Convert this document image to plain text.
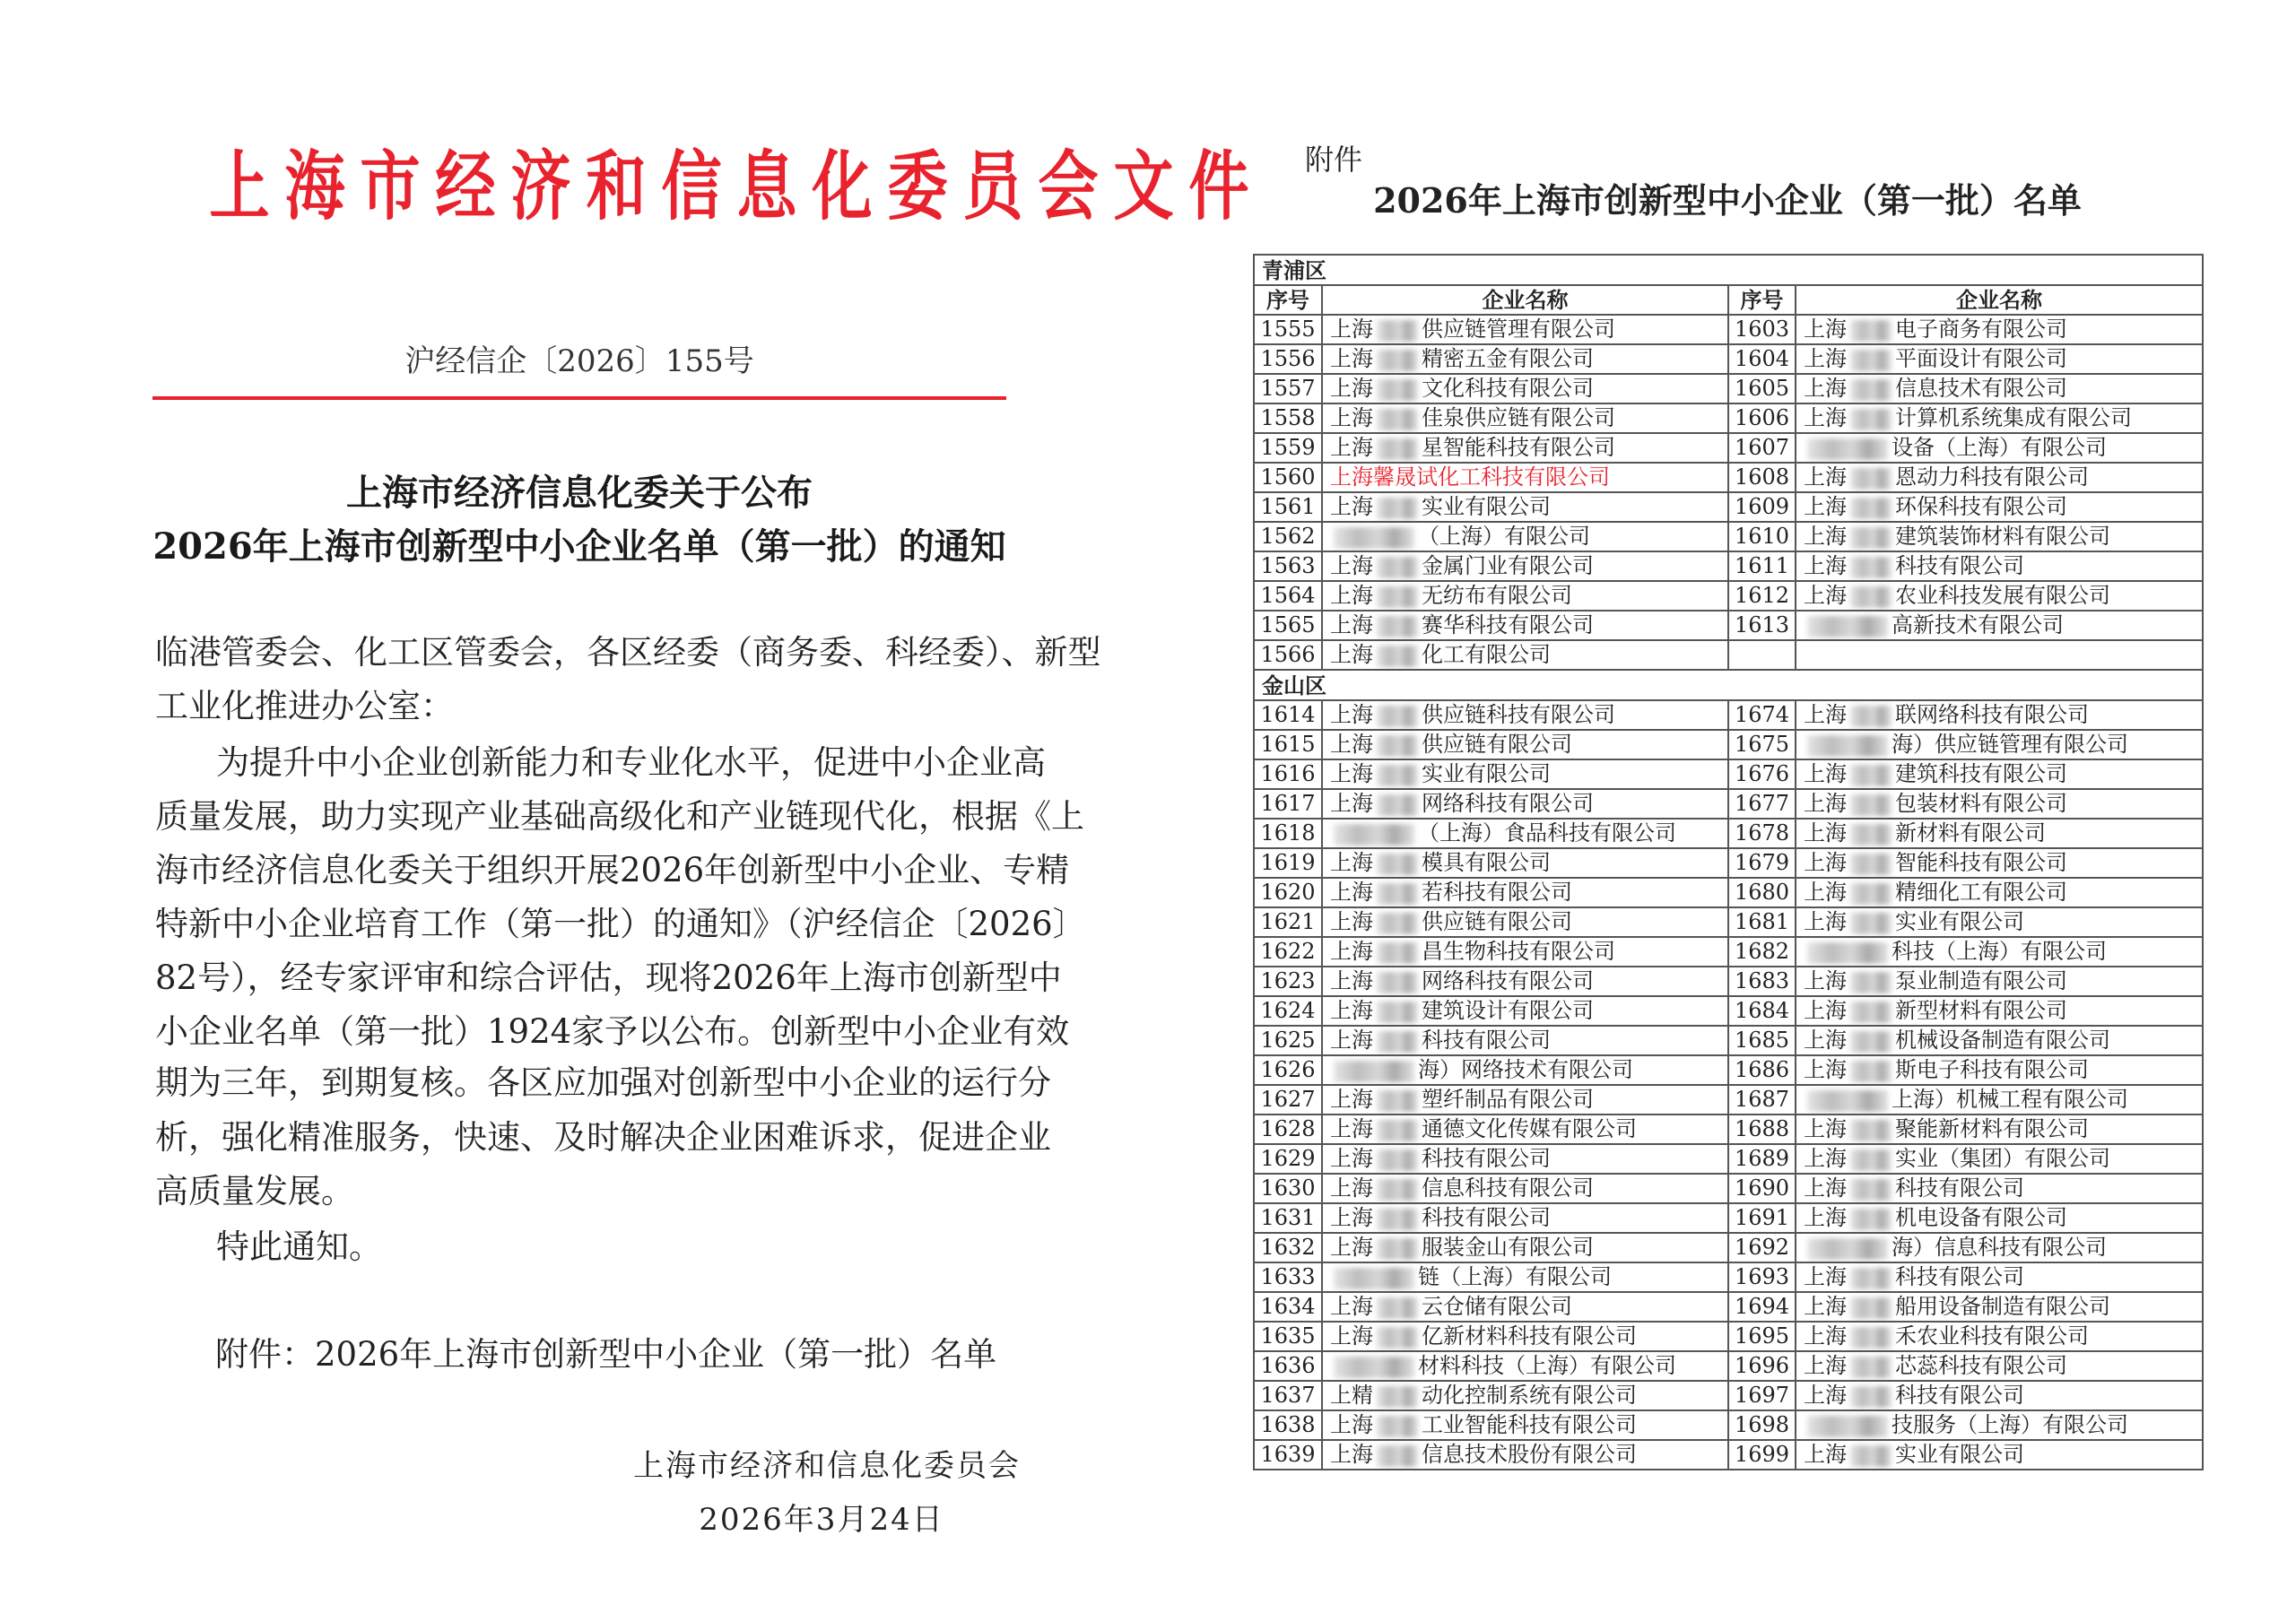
上 海 市 经 济 和 信 息 化 委 员 会 文 件
沪经信企〔2026〕155号
上海市经济信息化委关于公布
2026年上海市创新型中小企业名单（第一批）的通知
临港管委会、化工区管委会，各区经委（商务委、科经委）、新型
工业化推进办公室：
为提升中小企业创新能力和专业化水平，促进中小企业高
质量发展，助力实现产业基础高级化和产业链现代化，根据《上
海市经济信息化委关于组织开展2026年创新型中小企业、专精
特新中小企业培育工作（第一批）的通知》（沪经信企〔2026〕
82号），经专家评审和综合评估，现将2026年上海市创新型中
小企业名单（第一批）1924家予以公布。创新型中小企业有效
期为三年，到期复核。各区应加强对创新型中小企业的运行分
析，强化精准服务，快速、及时解决企业困难诉求，促进企业
高质量发展。
特此通知。
附件：2026年上海市创新型中小企业（第一批）名单
上海市经济和信息化委员会
2026年3月24日
附件
2026年上海市创新型中小企业（第一批）名单
青浦区			
序号	企业名称	序号	企业名称
1555	上海 供应链管理有限公司	1603	上海 电子商务有限公司
1556	上海 精密五金有限公司	1604	上海 平面设计有限公司
1557	上海 文化科技有限公司	1605	上海 信息技术有限公司
1558	上海 佳泉供应链有限公司	1606	上海 计算机系统集成有限公司
1559	上海 星智能科技有限公司	1607	设备（上海）有限公司
1560	上海馨晟试化工科技有限公司	1608	上海 恩动力科技有限公司
1561	上海 实业有限公司	1609	上海 环保科技有限公司
1562	（上海）有限公司	1610	上海 建筑装饰材料有限公司
1563	上海 金属门业有限公司	1611	上海 科技有限公司
1564	上海 无纺布有限公司	1612	上海 农业科技发展有限公司
1565	上海 赛华科技有限公司	1613	高新技术有限公司
1566	上海 化工有限公司		
金山区			
1614	上海 供应链科技有限公司	1674	上海 联网络科技有限公司
1615	上海 供应链有限公司	1675	海）供应链管理有限公司
1616	上海 实业有限公司	1676	上海 建筑科技有限公司
1617	上海 网络科技有限公司	1677	上海 包装材料有限公司
1618	（上海）食品科技有限公司	1678	上海 新材料有限公司
1619	上海 模具有限公司	1679	上海 智能科技有限公司
1620	上海 若科技有限公司	1680	上海 精细化工有限公司
1621	上海 供应链有限公司	1681	上海 实业有限公司
1622	上海 昌生物科技有限公司	1682	科技（上海）有限公司
1623	上海 网络科技有限公司	1683	上海 泵业制造有限公司
1624	上海 建筑设计有限公司	1684	上海 新型材料有限公司
1625	上海 科技有限公司	1685	上海 机械设备制造有限公司
1626	海）网络技术有限公司	1686	上海 斯电子科技有限公司
1627	上海 塑纤制品有限公司	1687	上海）机械工程有限公司
1628	上海 通德文化传媒有限公司	1688	上海 聚能新材料有限公司
1629	上海 科技有限公司	1689	上海 实业（集团）有限公司
1630	上海 信息科技有限公司	1690	上海 科技有限公司
1631	上海 科技有限公司	1691	上海 机电设备有限公司
1632	上海 服装金山有限公司	1692	海）信息科技有限公司
1633	链（上海）有限公司	1693	上海 科技有限公司
1634	上海 云仓储有限公司	1694	上海 船用设备制造有限公司
1635	上海 亿新材料科技有限公司	1695	上海 禾农业科技有限公司
1636	材料科技（上海）有限公司	1696	上海 芯蕊科技有限公司
1637	上精 动化控制系统有限公司	1697	上海 科技有限公司
1638	上海 工业智能科技有限公司	1698	技服务（上海）有限公司
1639	上海 信息技术股份有限公司	1699	上海 实业有限公司
